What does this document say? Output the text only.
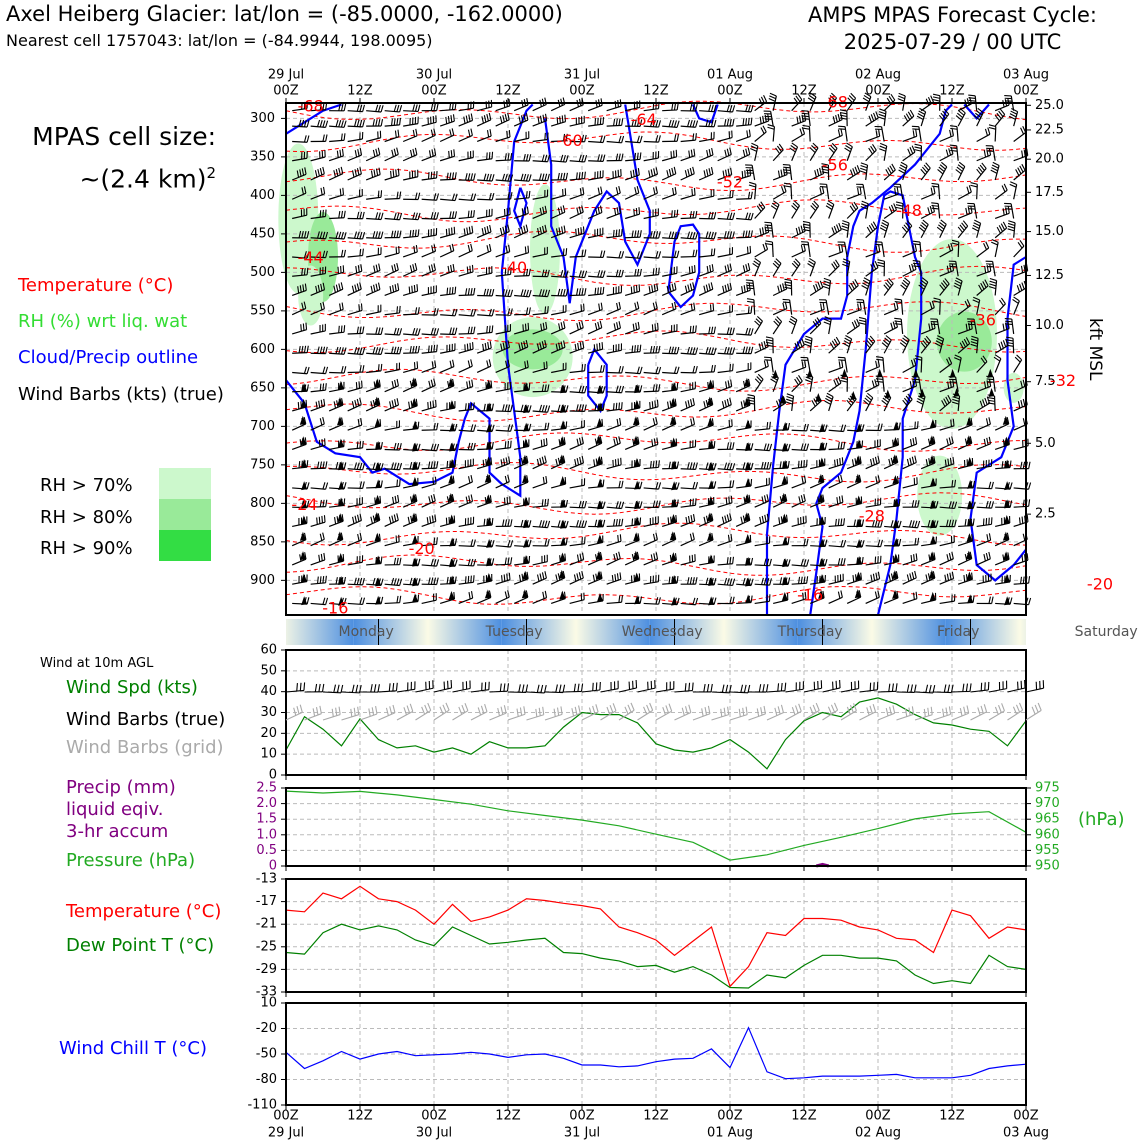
Axel Heiberg Glacier: lat/lon = (-85.0000, -162.0000)
Nearest cell 1757043: lat/lon = (-84.9944, 198.0095)
AMPS MPAS Forecast Cycle:
2025-07-29 / 00 UTC
MPAS cell size:
~(2.4 km)$^2$
Temperature (°C)
RH (%) wrt liq. wat
Cloud/Precip outline
Wind Barbs (kts) (true)
RH > 70%
RH > 80%
RH > 90%
kft MSL
Wind at 10m AGL
Wind Spd (kts)
Wind Barbs (true)
Wind Barbs (grid)
Precip (mm)
liquid eqiv.
3-hr accum
Pressure (hPa)
(hPa)
Temperature (°C)
Dew Point T (°C)
Wind Chill T (°C)
300
350
400
450
500
550
600
650
700
750
800
850
900
25.0
22.5
20.0
17.5
15.0
12.5
10.0
7.5
5.0
2.5
-68
-64
-60
-68
-56
-52
-48
-44
-40
-36
-32
-24
-28
-20
-20
-16
-16
29 Jul
00Z
30 Jul
00Z
31 Jul
00Z
01 Aug
00Z
02 Aug
00Z
03 Aug
00Z
12Z	12Z	12Z	12Z	12Z
Monday	Tuesday	Wednesday	Thursday	Friday	Saturday
0
10
20
30
40
50
60
0
0.5
1.0
1.5
2.0
2.5
950
955
960
965
970
975
-33
-29
-25
-21
-17
-13
-110
-80
-50
-20
10
00Z	12Z	00Z	12Z	00Z	12Z	00Z	12Z	00Z	12Z	00Z
29 Jul	30 Jul	31 Jul	01 Aug	02 Aug	03 Aug
